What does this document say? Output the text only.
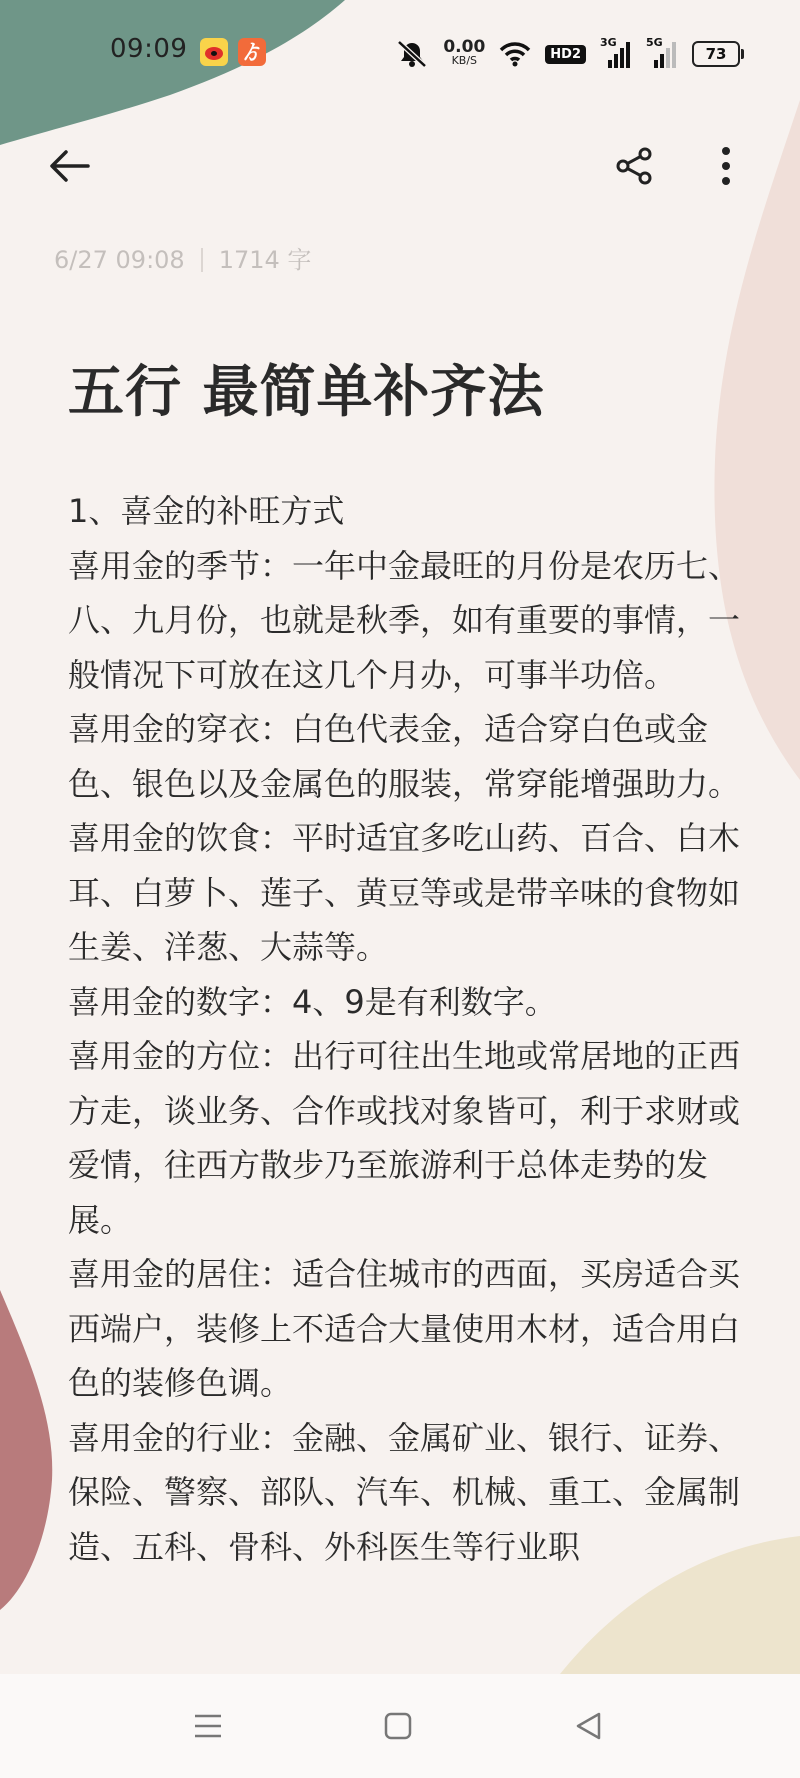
09:09	ゟ	0.00
KB/S	HD2
3G	5G
73
6/27 09:08 1714 字
五行 最简单补齐法

1、喜金的补旺方式

喜用金的季节：一年中金最旺的月份是农历七、八、九月份，也就是秋季，如有重要的事情，一般情况下可放在这几个月办，可事半功倍。

喜用金的穿衣：白色代表金，适合穿白色或金色、银色以及金属色的服装，常穿能增强助力。

喜用金的饮食：平时适宜多吃山药、百合、白木耳、白萝卜、莲子、黄豆等或是带辛味的食物如生姜、洋葱、大蒜等。

喜用金的数字：4、9是有利数字。

喜用金的方位：出行可往出生地或常居地的正西方走，谈业务、合作或找对象皆可，利于求财或爱情，往西方散步乃至旅游利于总体走势的发展。

喜用金的居住：适合住城市的西面，买房适合买西端户，装修上不适合大量使用木材，适合用白色的装修色调。

喜用金的行业：金融、金属矿业、银行、证券、保险、警察、部队、汽车、机械、重工、金属制造、五科、骨科、外科医生等行业职
